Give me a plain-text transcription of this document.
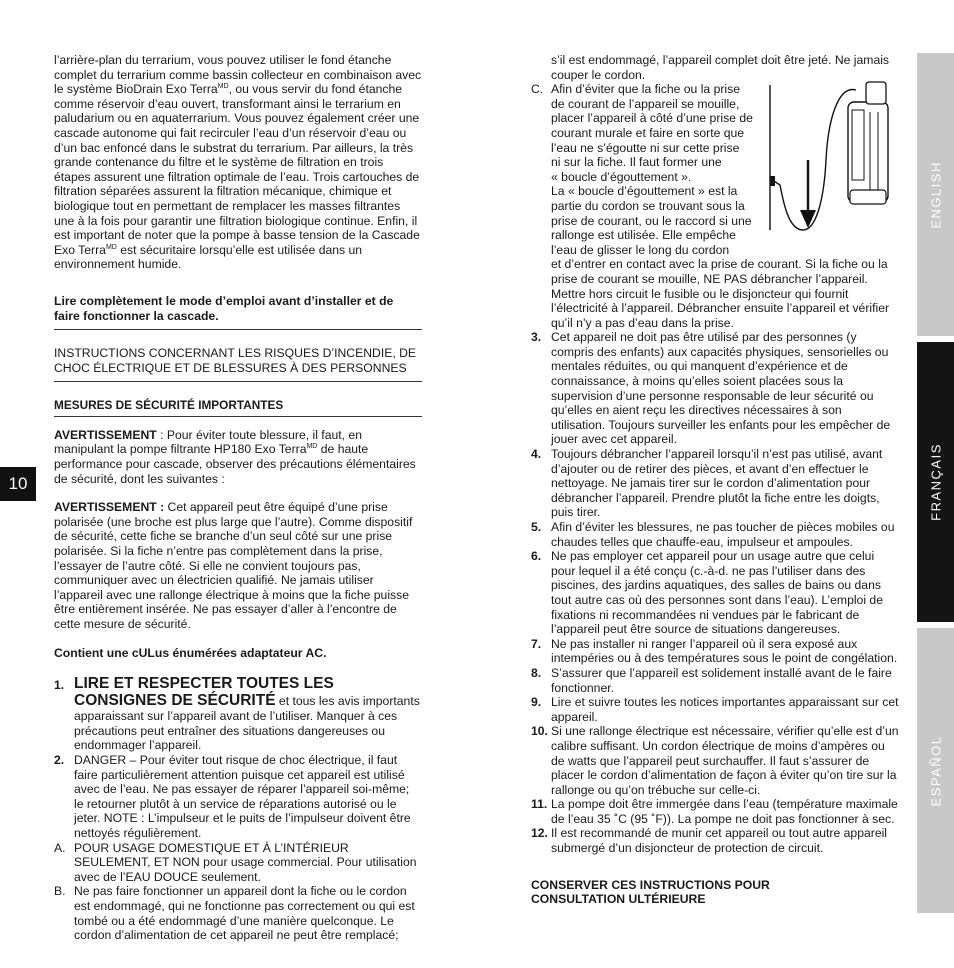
l’arrière-plan du terrarium, vous pouvez utiliser le fond étanche complet du terrarium comme bassin collecteur en combinaison avec le système BioDrain Exo Terra$^{MD}$, ou vous servir du fond étanche comme réservoir d’eau ouvert, transformant ainsi le terrarium en paludarium ou en aquaterrarium. Vous pouvez également créer une cascade autonome qui fait recirculer l’eau d’un réservoir d’eau ou d’un bac enfoncé dans le substrat du terrarium. Par ailleurs, la très grande contenance du filtre et le système de filtration en trois étapes assurent une filtration optimale de l’eau. Trois cartouches de filtration séparées assurent la filtration mécanique, chimique et biologique tout en permettant de remplacer les masses filtrantes une à la fois pour garantir une filtration biologique continue. Enfin, il est important de noter que la pompe à basse tension de la Cascade Exo Terra$^{MD}$ est sécuritaire lorsqu’elle est utilisée dans un environnement humide.

Lire complètement le mode d’emploi avant d’installer et de faire fonctionner la cascade.

INSTRUCTIONS CONCERNANT LES RISQUES D’INCENDIE, DE CHOC ÉLECTRIQUE ET DE BLESSURES À DES PERSONNES

MESURES DE SÉCURITÉ IMPORTANTES

AVERTISSEMENT : Pour éviter toute blessure, il faut, en manipulant la pompe filtrante HP180 Exo Terra$^{MD}$ de haute performance pour cascade, observer des précautions élémentaires de sécurité, dont les suivantes :

AVERTISSEMENT : Cet appareil peut être équipé d’une prise polarisée (une broche est plus large que l’autre). Comme dispositif de sécurité, cette fiche se branche d’un seul côté sur une prise polarisée. Si la fiche n’entre pas complètement dans la prise, l’essayer de l’autre côté. Si elle ne convient toujours pas, communiquer avec un électricien qualifié. Ne jamais utiliser l’appareil avec une rallonge électrique à moins que la fiche puisse être entièrement insérée. Ne pas essayer d’aller à l’encontre de cette mesure de sécurité.

Contient une cULus énumérées adaptateur AC.

1. LIRE ET RESPECTER TOUTES LES CONSIGNES DE SÉCURITÉ et tous les avis importants apparaissant sur l’appareil avant de l’utiliser. Manquer à ces précautions peut entraîner des situations dangereuses ou endommager l’appareil.
2. DANGER – Pour éviter tout risque de choc électrique, il faut faire particulièrement attention puisque cet appareil est utilisé avec de l’eau. Ne pas essayer de réparer l’appareil soi-même; le retourner plutôt à un service de réparations autorisé ou le jeter. NOTE : L’impulseur et le puits de l’impulseur doivent être nettoyés régulièrement.
A. POUR USAGE DOMESTIQUE ET À L’INTÉRIEUR SEULEMENT, ET NON pour usage commercial. Pour utilisation avec de l’EAU DOUCE seulement.
B. Ne pas faire fonctionner un appareil dont la fiche ou le cordon est endommagé, qui ne fonctionne pas correctement ou qui est tombé ou a été endommagé d’une manière quelconque. Le cordon d’alimentation de cet appareil ne peut être remplacé;
s’il est endommagé, l’appareil complet doit être jeté. Ne jamais couper le cordon.
C. Afin d’éviter que la fiche ou la prise
de courant de l’appareil se mouille,
placer l’appareil à côté d’une prise de
courant murale et faire en sorte que
l’eau ne s’égoutte ni sur cette prise
ni sur la fiche. Il faut former une
« boucle d’égouttement ».
La « boucle d’égouttement » est la
partie du cordon se trouvant sous la
prise de courant, ou le raccord si une
rallonge est utilisée. Elle empêche
l’eau de glisser le long du cordon
et d’entrer en contact avec la prise de courant. Si la fiche ou la prise de courant se mouille, NE PAS débrancher l’appareil. Mettre hors circuit le fusible ou le disjoncteur qui fournit l’électricité à l’appareil. Débrancher ensuite l’appareil et vérifier qu’il n’y a pas d’eau dans la prise.
3. Cet appareil ne doit pas être utilisé par des personnes (y compris des enfants) aux capacités physiques, sensorielles ou mentales réduites, ou qui manquent d’expérience et de connaissance, à moins qu’elles soient placées sous la supervision d’une personne responsable de leur sécurité ou qu’elles en aient reçu les directives nécessaires à son utilisation. Toujours surveiller les enfants pour les empêcher de jouer avec cet appareil.
4. Toujours débrancher l’appareil lorsqu’il n’est pas utilisé, avant d’ajouter ou de retirer des pièces, et avant d’en effectuer le nettoyage. Ne jamais tirer sur le cordon d’alimentation pour débrancher l’appareil. Prendre plutôt la fiche entre les doigts, puis tirer.
5. Afin d’éviter les blessures, ne pas toucher de pièces mobiles ou chaudes telles que chauffe-eau, impulseur et ampoules.
6. Ne pas employer cet appareil pour un usage autre que celui pour lequel il a été conçu (c.-à-d. ne pas l’utiliser dans des piscines, des jardins aquatiques, des salles de bains ou dans tout autre cas où des personnes sont dans l’eau). L’emploi de fixations ni recommandées ni vendues par le fabricant de l’appareil peut être source de situations dangereuses.
7. Ne pas installer ni ranger l’appareil où il sera exposé aux intempéries ou à des températures sous le point de congélation.
8. S’assurer que l’appareil est solidement installé avant de le faire fonctionner.
9. Lire et suivre toutes les notices importantes apparaissant sur cet appareil.
10. Si une rallonge électrique est nécessaire, vérifier qu’elle est d’un calibre suffisant. Un cordon électrique de moins d’ampères ou de watts que l’appareil peut surchauffer. Il faut s’assurer de placer le cordon d’alimentation de façon à éviter qu’on tire sur la rallonge ou qu’on trébuche sur celle-ci.
11. La pompe doit être immergée dans l’eau (température maximale de l’eau 35 ˚C (95 ˚F)). La pompe ne doit pas fonctionner à sec.
12. Il est recommandé de munir cet appareil ou tout autre appareil submergé d’un disjoncteur de protection de circuit.

CONSERVER CES INSTRUCTIONS POUR CONSULTATION ULTÉRIEURE

10
ENGLISH
FRANÇAIS
ESPAÑOL
